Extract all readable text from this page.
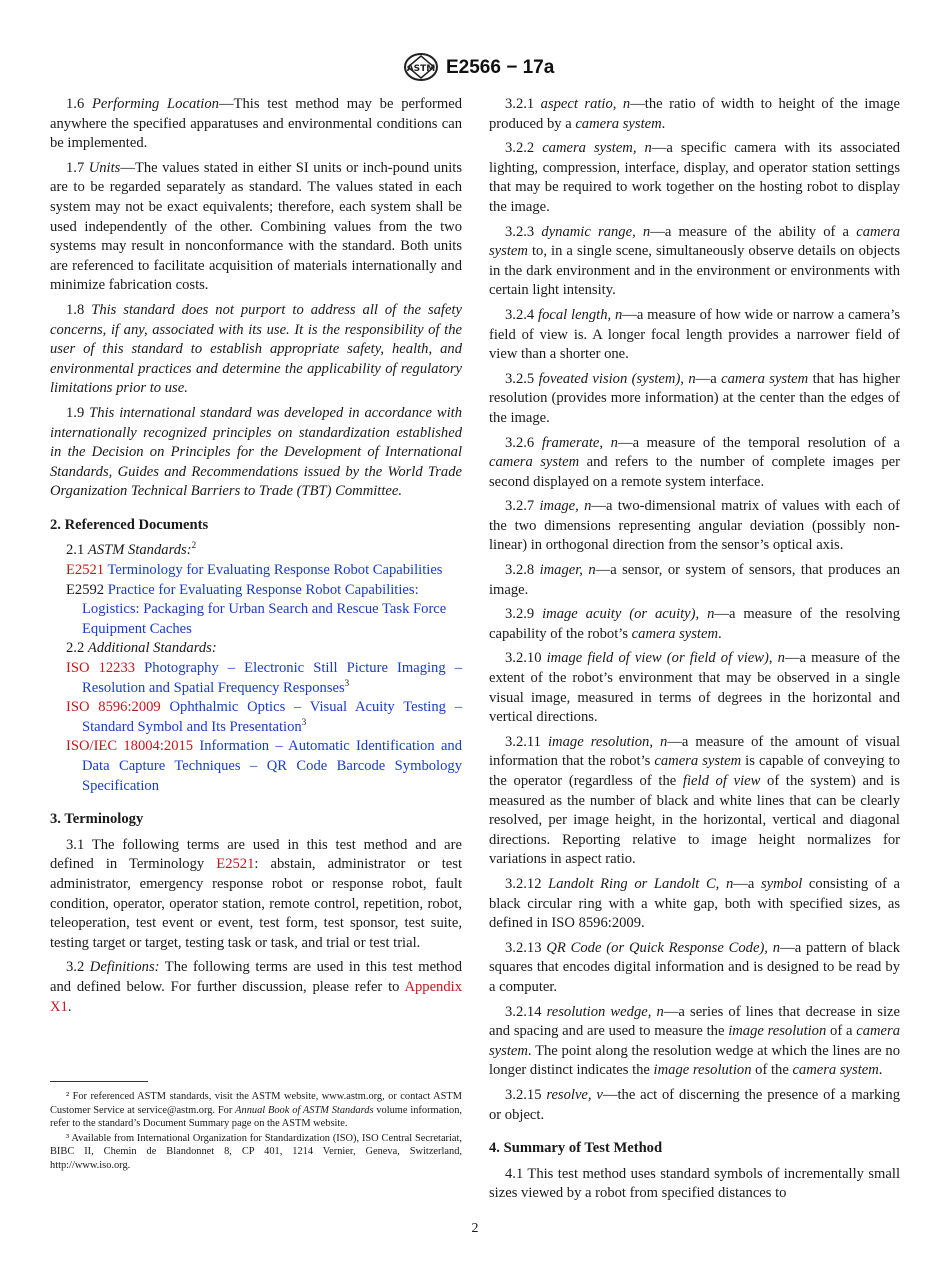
ASTM E2566 − 17a

1.6 Performing Location—This test method may be performed anywhere the specified apparatuses and environmental conditions can be implemented.

1.7 Units—The values stated in either SI units or inch-pound units are to be regarded separately as standard. The values stated in each system may not be exact equivalents; therefore, each system shall be used independently of the other. Combining values from the two systems may result in nonconformance with the standard. Both units are referenced to facilitate acquisition of materials internationally and minimize fabrication costs.

1.8 This standard does not purport to address all of the safety concerns, if any, associated with its use. It is the responsibility of the user of this standard to establish appropriate safety, health, and environmental practices and determine the applicability of regulatory limitations prior to use.

1.9 This international standard was developed in accordance with internationally recognized principles on standardization established in the Decision on Principles for the Development of International Standards, Guides and Recommendations issued by the World Trade Organization Technical Barriers to Trade (TBT) Committee.

2. Referenced Documents

2.1 ASTM Standards:$^2$

E2521 Terminology for Evaluating Response Robot Capabilities

E2592 Practice for Evaluating Response Robot Capabilities: Logistics: Packaging for Urban Search and Rescue Task Force Equipment Caches

2.2 Additional Standards:

ISO 12233 Photography – Electronic Still Picture Imaging – Resolution and Spatial Frequency Responses$^3$

ISO 8596:2009 Ophthalmic Optics – Visual Acuity Testing – Standard Symbol and Its Presentation$^3$

ISO/IEC 18004:2015 Information – Automatic Identification and Data Capture Techniques – QR Code Barcode Symbology Specification

3. Terminology

3.1 The following terms are used in this test method and are defined in Terminology E2521: abstain, administrator or test administrator, emergency response robot or response robot, fault condition, operator, operator station, remote control, repetition, robot, teleoperation, test event or event, test form, test sponsor, test suite, testing target or target, testing task or task, and trial or test trial.

3.2 Definitions: The following terms are used in this test method and defined below. For further discussion, please refer to Appendix X1.

² For referenced ASTM standards, visit the ASTM website, www.astm.org, or contact ASTM Customer Service at service@astm.org. For Annual Book of ASTM Standards volume information, refer to the standard’s Document Summary page on the ASTM website.

³ Available from International Organization for Standardization (ISO), ISO Central Secretariat, BIBC II, Chemin de Blandonnet 8, CP 401, 1214 Vernier, Geneva, Switzerland, http://www.iso.org.

3.2.1 aspect ratio, n—the ratio of width to height of the image produced by a camera system.

3.2.2 camera system, n—a specific camera with its associated lighting, compression, interface, display, and operator station settings that may be required to work together on the hosting robot to display the image.

3.2.3 dynamic range, n—a measure of the ability of a camera system to, in a single scene, simultaneously observe details on objects in the dark environment and in the environment or environments with certain light intensity.

3.2.4 focal length, n—a measure of how wide or narrow a camera’s field of view is. A longer focal length provides a narrower field of view than a shorter one.

3.2.5 foveated vision (system), n—a camera system that has higher resolution (provides more information) at the center than the edges of the image.

3.2.6 framerate, n—a measure of the temporal resolution of a camera system and refers to the number of complete images per second displayed on a remote system interface.

3.2.7 image, n—a two-dimensional matrix of values with each of the two dimensions representing angular deviation (possibly non-linear) in orthogonal direction from the sensor’s optical axis.

3.2.8 imager, n—a sensor, or system of sensors, that produces an image.

3.2.9 image acuity (or acuity), n—a measure of the resolving capability of the robot’s camera system.

3.2.10 image field of view (or field of view), n—a measure of the extent of the robot’s environment that may be observed in a single visual image, measured in terms of degrees in the horizontal and vertical directions.

3.2.11 image resolution, n—a measure of the amount of visual information that the robot’s camera system is capable of conveying to the operator (regardless of the field of view of the system) and is measured as the number of black and white lines that can be clearly resolved, per image height, in the horizontal, vertical and diagonal directions. Reporting relative to image height normalizes for variations in aspect ratio.

3.2.12 Landolt Ring or Landolt C, n—a symbol consisting of a black circular ring with a white gap, both with specified sizes, as defined in ISO 8596:2009.

3.2.13 QR Code (or Quick Response Code), n—a pattern of black squares that encodes digital information and is designed to be read by a computer.

3.2.14 resolution wedge, n—a series of lines that decrease in size and spacing and are used to measure the image resolution of a camera system. The point along the resolution wedge at which the lines are no longer distinct indicates the image resolution of the camera system.

3.2.15 resolve, v—the act of discerning the presence of a marking or object.

4. Summary of Test Method

4.1 This test method uses standard symbols of incrementally small sizes viewed by a robot from specified distances to

2
